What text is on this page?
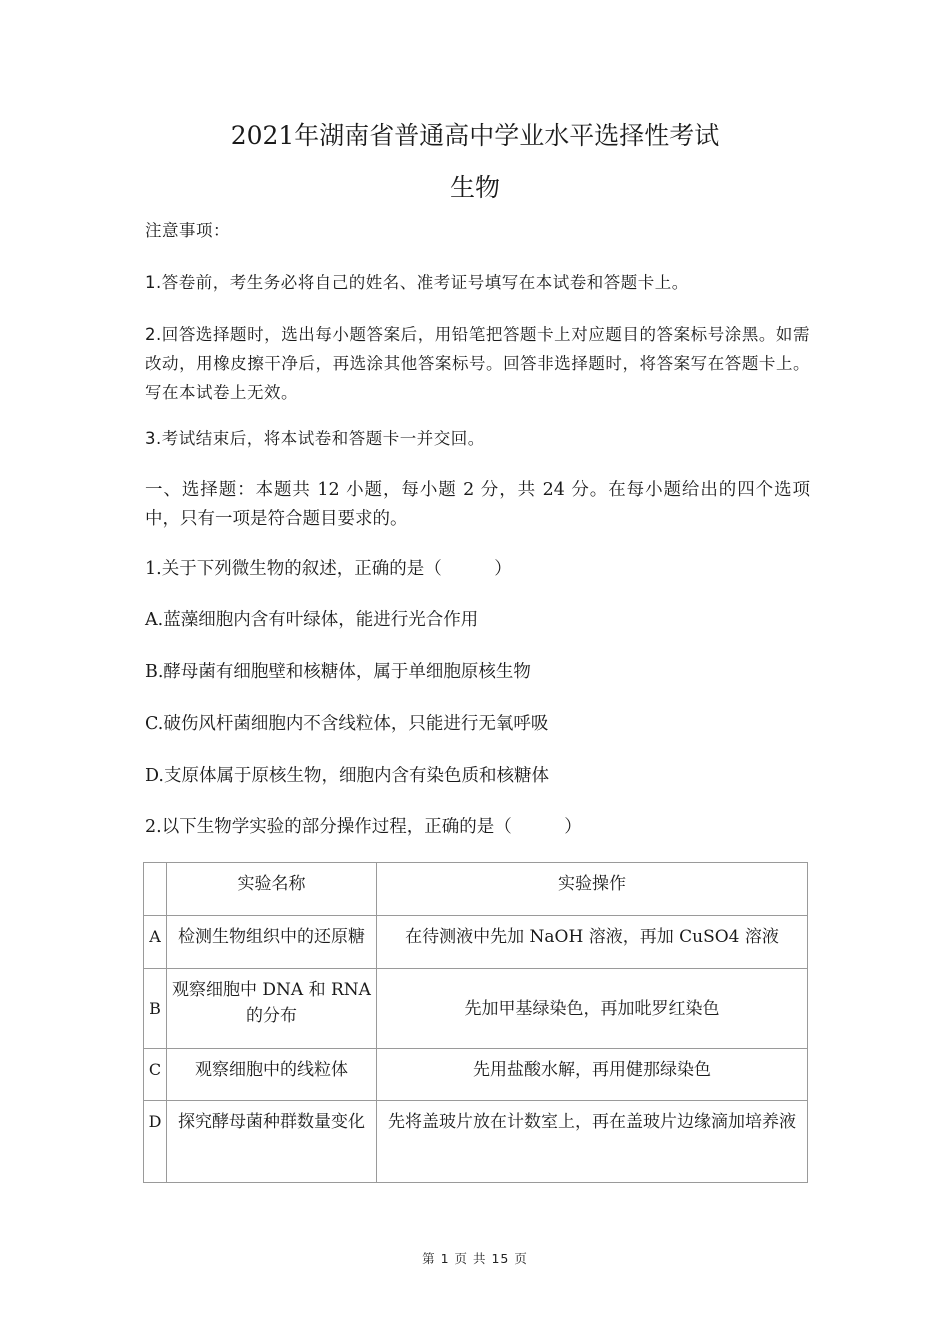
2021年湖南省普通高中学业水平选择性考试
生物
注意事项：
1.答卷前，考生务必将自己的姓名、准考证号填写在本试卷和答题卡上。
2.回答选择题时，选出每小题答案后，用铅笔把答题卡上对应题目的答案标号涂黑。如需改动，用橡皮擦干净后，再选涂其他答案标号。回答非选择题时，将答案写在答题卡上。写在本试卷上无效。
3.考试结束后，将本试卷和答题卡一并交回。
一、选择题：本题共 12 小题，每小题 2 分，共 24 分。在每小题给出的四个选项中，只有一项是符合题目要求的。
1.关于下列微生物的叙述，正确的是（　　　）
A.蓝藻细胞内含有叶绿体，能进行光合作用
B.酵母菌有细胞壁和核糖体，属于单细胞原核生物
C.破伤风杆菌细胞内不含线粒体，只能进行无氧呼吸
D.支原体属于原核生物，细胞内含有染色质和核糖体
2.以下生物学实验的部分操作过程，正确的是（　　　）
	实验名称	实验操作
A	检测生物组织中的还原糖	在待测液中先加 NaOH 溶液，再加 CuSO4 溶液
B	观察细胞中 DNA 和 RNA 的分布	先加甲基绿染色，再加吡罗红染色
C	观察细胞中的线粒体	先用盐酸水解，再用健那绿染色
D	探究酵母菌种群数量变化	先将盖玻片放在计数室上，再在盖玻片边缘滴加培养液
第 1 页 共 15 页
